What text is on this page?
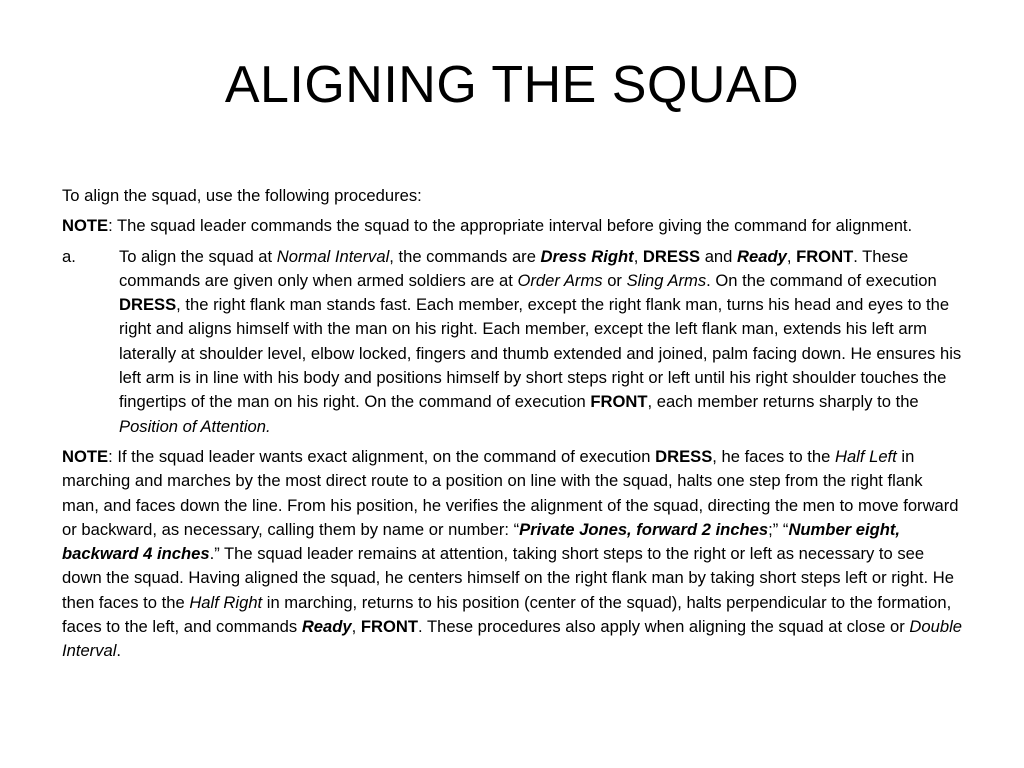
ALIGNING THE SQUAD

To align the squad, use the following procedures:

NOTE: The squad leader commands the squad to the appropriate interval before giving the command for alignment.

a.	To align the squad at Normal Interval, the commands are Dress Right, DRESS and Ready, FRONT. These commands are given only when armed soldiers are at Order Arms or Sling Arms. On the command of execution DRESS, the right flank man stands fast. Each member, except the right flank man, turns his head and eyes to the right and aligns himself with the man on his right. Each member, except the left flank man, extends his left arm laterally at shoulder level, elbow locked, fingers and thumb extended and joined, palm facing down. He ensures his left arm is in line with his body and positions himself by short steps right or left until his right shoulder touches the fingertips of the man on his right. On the command of execution FRONT, each member returns sharply to the Position of Attention.

NOTE: If the squad leader wants exact alignment, on the command of execution DRESS, he faces to the Half Left in marching and marches by the most direct route to a position on line with the squad, halts one step from the right flank man, and faces down the line. From his position, he verifies the alignment of the squad, directing the men to move forward or backward, as necessary, calling them by name or number: “Private Jones, forward 2 inches;” “Number eight, backward 4 inches.” The squad leader remains at attention, taking short steps to the right or left as necessary to see down the squad. Having aligned the squad, he centers himself on the right flank man by taking short steps left or right. He then faces to the Half Right in marching, returns to his position (center of the squad), halts perpendicular to the formation, faces to the left, and commands Ready, FRONT. These procedures also apply when aligning the squad at close or Double Interval.
